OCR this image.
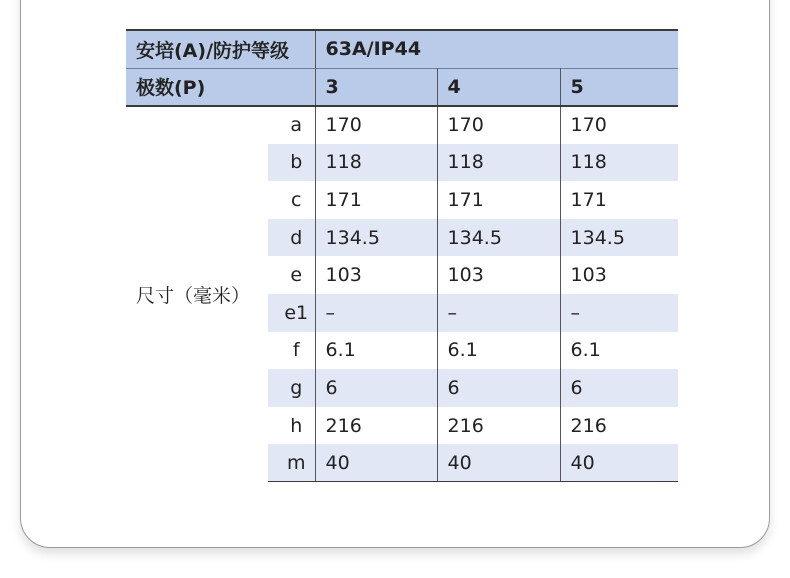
安培(A)/防护等级		63A/IP44		
极数(P)		3	4	5
尺寸（毫米）	a	170	170	170
	b	118	118	118
	c	171	171	171
	d	134.5	134.5	134.5
	e	103	103	103
	e1	–	–	–
	f	6.1	6.1	6.1
	g	6	6	6
	h	216	216	216
	m	40	40	40
